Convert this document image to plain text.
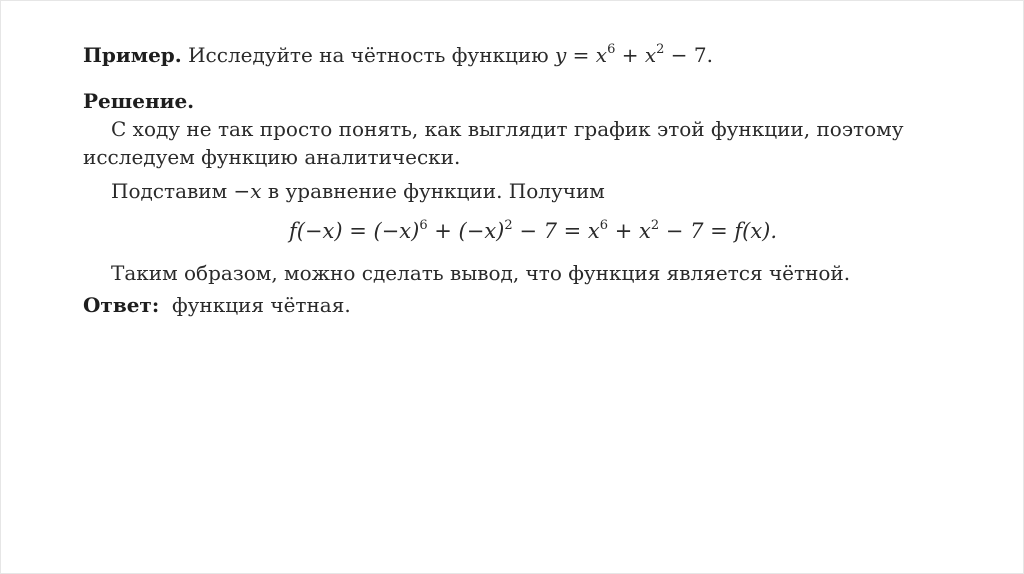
Пример. Исследуйте на чётность функцию $y = x^6 + x^2 - 7$.
Решение.
С ходу не так просто понять, как выглядит график этой функции, поэтому
исследуем функцию аналитически.
Подставим −x в уравнение функции. Получим
$f(-x) = (-x)^6 + (-x)^2 - 7 = x^6 + x^2 - 7 = f(x)$.
Таким образом, можно сделать вывод, что функция является чётной.
Ответ: функция чётная.
